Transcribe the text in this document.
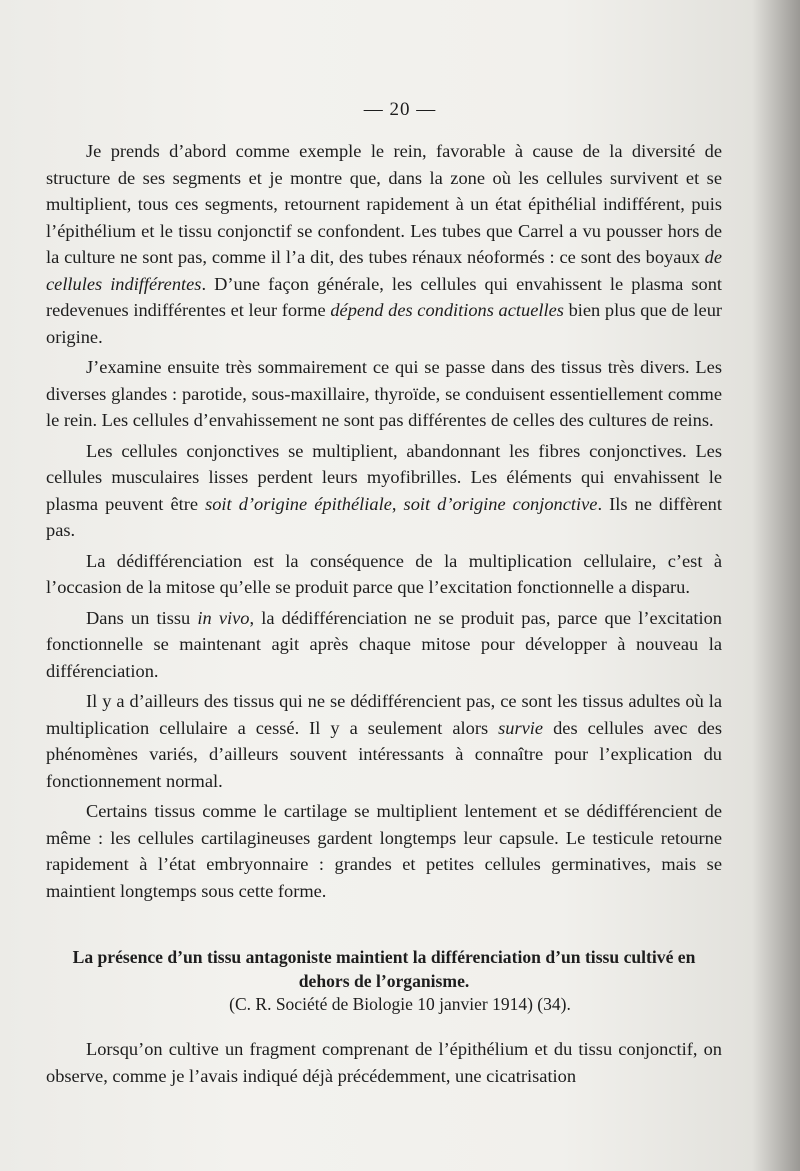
— 20 —

Je prends d’abord comme exemple le rein, favorable à cause de la diversité de structure de ses segments et je montre que, dans la zone où les cellules survivent et se multiplient, tous ces segments, retournent rapidement à un état épithélial indifférent, puis l’épithélium et le tissu conjonctif se confondent. Les tubes que Carrel a vu pousser hors de la culture ne sont pas, comme il l’a dit, des tubes rénaux néoformés : ce sont des boyaux de cellules indifférentes. D’une façon générale, les cellules qui envahissent le plasma sont redevenues indifférentes et leur forme dépend des conditions actuelles bien plus que de leur origine.

J’examine ensuite très sommairement ce qui se passe dans des tissus très divers. Les diverses glandes : parotide, sous-maxillaire, thyroïde, se conduisent essentiellement comme le rein. Les cellules d’envahissement ne sont pas différentes de celles des cultures de reins.

Les cellules conjonctives se multiplient, abandonnant les fibres conjonctives. Les cellules musculaires lisses perdent leurs myofibrilles. Les éléments qui envahissent le plasma peuvent être soit d’origine épithéliale, soit d’origine conjonctive. Ils ne diffèrent pas.

La dédifférenciation est la conséquence de la multiplication cellulaire, c’est à l’occasion de la mitose qu’elle se produit parce que l’excitation fonctionnelle a disparu.

Dans un tissu in vivo, la dédifférenciation ne se produit pas, parce que l’excitation fonctionnelle se maintenant agit après chaque mitose pour développer à nouveau la différenciation.

Il y a d’ailleurs des tissus qui ne se dédifférencient pas, ce sont les tissus adultes où la multiplication cellulaire a cessé. Il y a seulement alors survie des cellules avec des phénomènes variés, d’ailleurs souvent intéressants à connaître pour l’explication du fonctionnement normal.

Certains tissus comme le cartilage se multiplient lentement et se dédifférencient de même : les cellules cartilagineuses gardent longtemps leur capsule. Le testicule retourne rapidement à l’état embryonnaire : grandes et petites cellules germinatives, mais se maintient longtemps sous cette forme.

La présence d’un tissu antagoniste maintient la différenciation d’un tissu cultivé en dehors de l’organisme.
(C. R. Société de Biologie 10 janvier 1914) (34).

Lorsqu’on cultive un fragment comprenant de l’épithélium et du tissu conjonctif, on observe, comme je l’avais indiqué déjà précédemment, une cicatrisation
